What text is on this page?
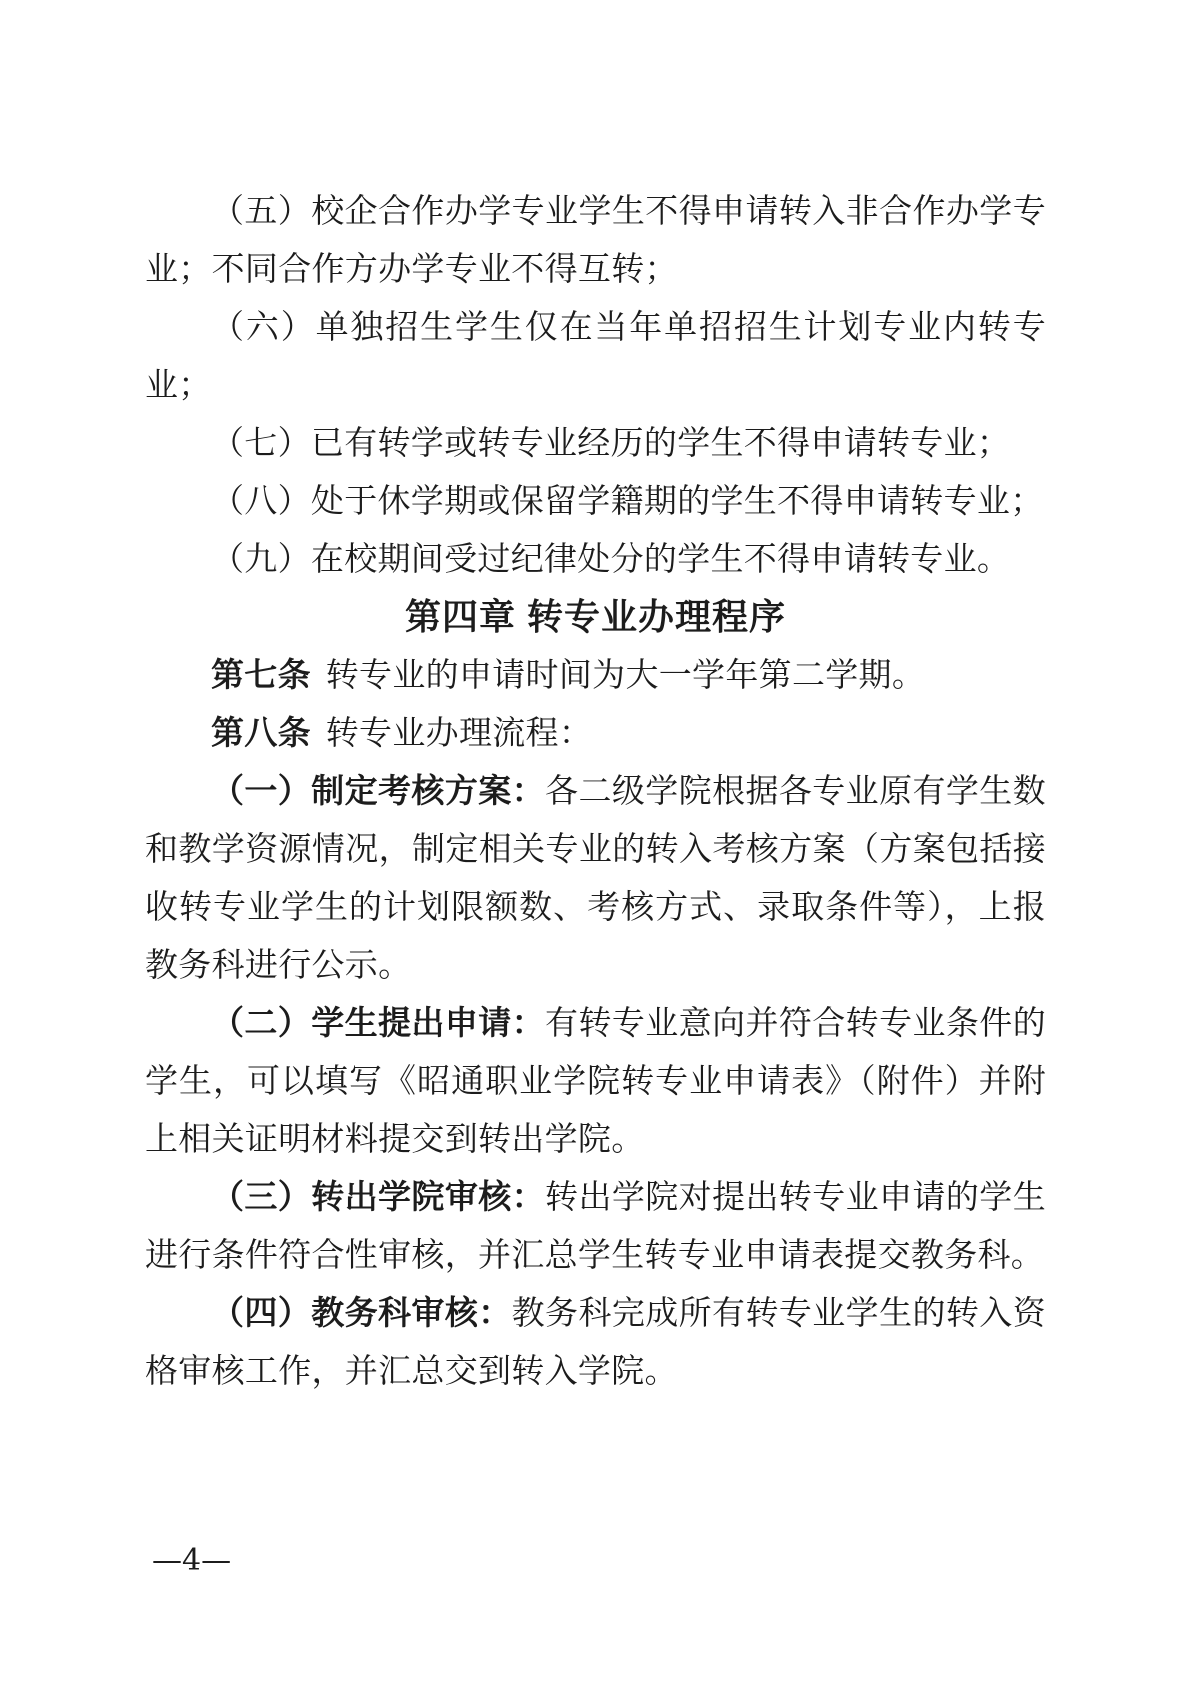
（五）校企合作办学专业学生不得申请转入非合作办学专业；不同合作方办学专业不得互转；

（六）单独招生学生仅在当年单招招生计划专业内转专业；

（七）已有转学或转专业经历的学生不得申请转专业；

（八）处于休学期或保留学籍期的学生不得申请转专业；

（九）在校期间受过纪律处分的学生不得申请转专业。

第四章 转专业办理程序

第七条 转专业的申请时间为大一学年第二学期。

第八条 转专业办理流程：

（一）制定考核方案：各二级学院根据各专业原有学生数和教学资源情况，制定相关专业的转入考核方案（方案包括接收转专业学生的计划限额数、考核方式、录取条件等），上报教务科进行公示。

（二）学生提出申请：有转专业意向并符合转专业条件的学生，可以填写《昭通职业学院转专业申请表》（附件）并附上相关证明材料提交到转出学院。

（三）转出学院审核：转出学院对提出转专业申请的学生进行条件符合性审核，并汇总学生转专业申请表提交教务科。

（四）教务科审核：教务科完成所有转专业学生的转入资格审核工作，并汇总交到转入学院。

—4—
